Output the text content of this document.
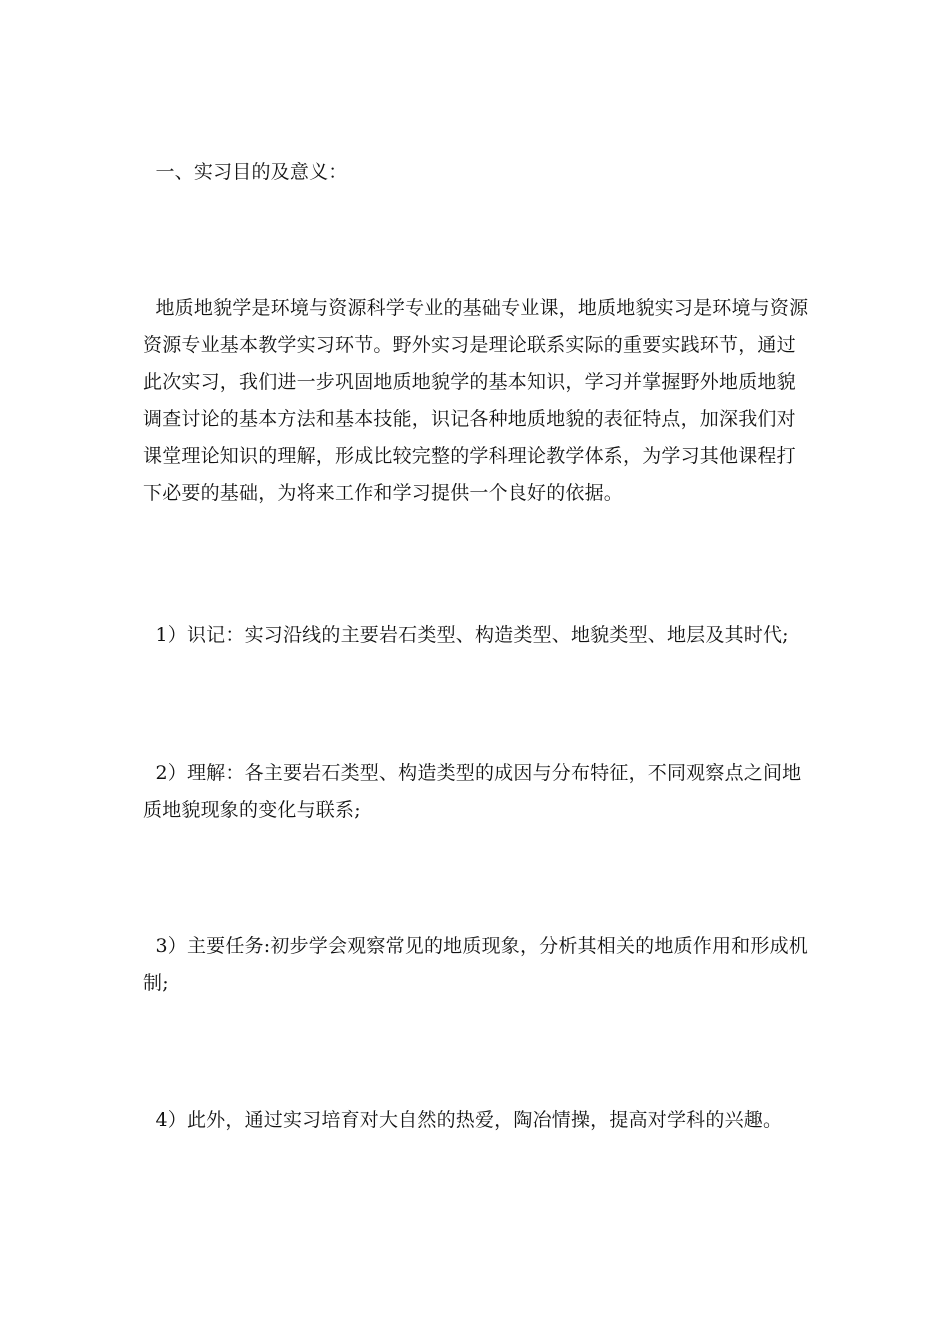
一、实习目的及意义：
地质地貌学是环境与资源科学专业的基础专业课，地质地貌实习是环境与资源
资源专业基本教学实习环节。野外实习是理论联系实际的重要实践环节，通过
此次实习，我们进一步巩固地质地貌学的基本知识，学习并掌握野外地质地貌
调查讨论的基本方法和基本技能，识记各种地质地貌的表征特点，加深我们对
课堂理论知识的理解，形成比较完整的学科理论教学体系，为学习其他课程打
下必要的基础，为将来工作和学习提供一个良好的依据。
1）识记：实习沿线的主要岩石类型、构造类型、地貌类型、地层及其时代;
2）理解：各主要岩石类型、构造类型的成因与分布特征，不同观察点之间地
质地貌现象的变化与联系;
3）主要任务:初步学会观察常见的地质现象，分析其相关的地质作用和形成机
制;
4）此外，通过实习培育对大自然的热爱，陶冶情操，提高对学科的兴趣。
